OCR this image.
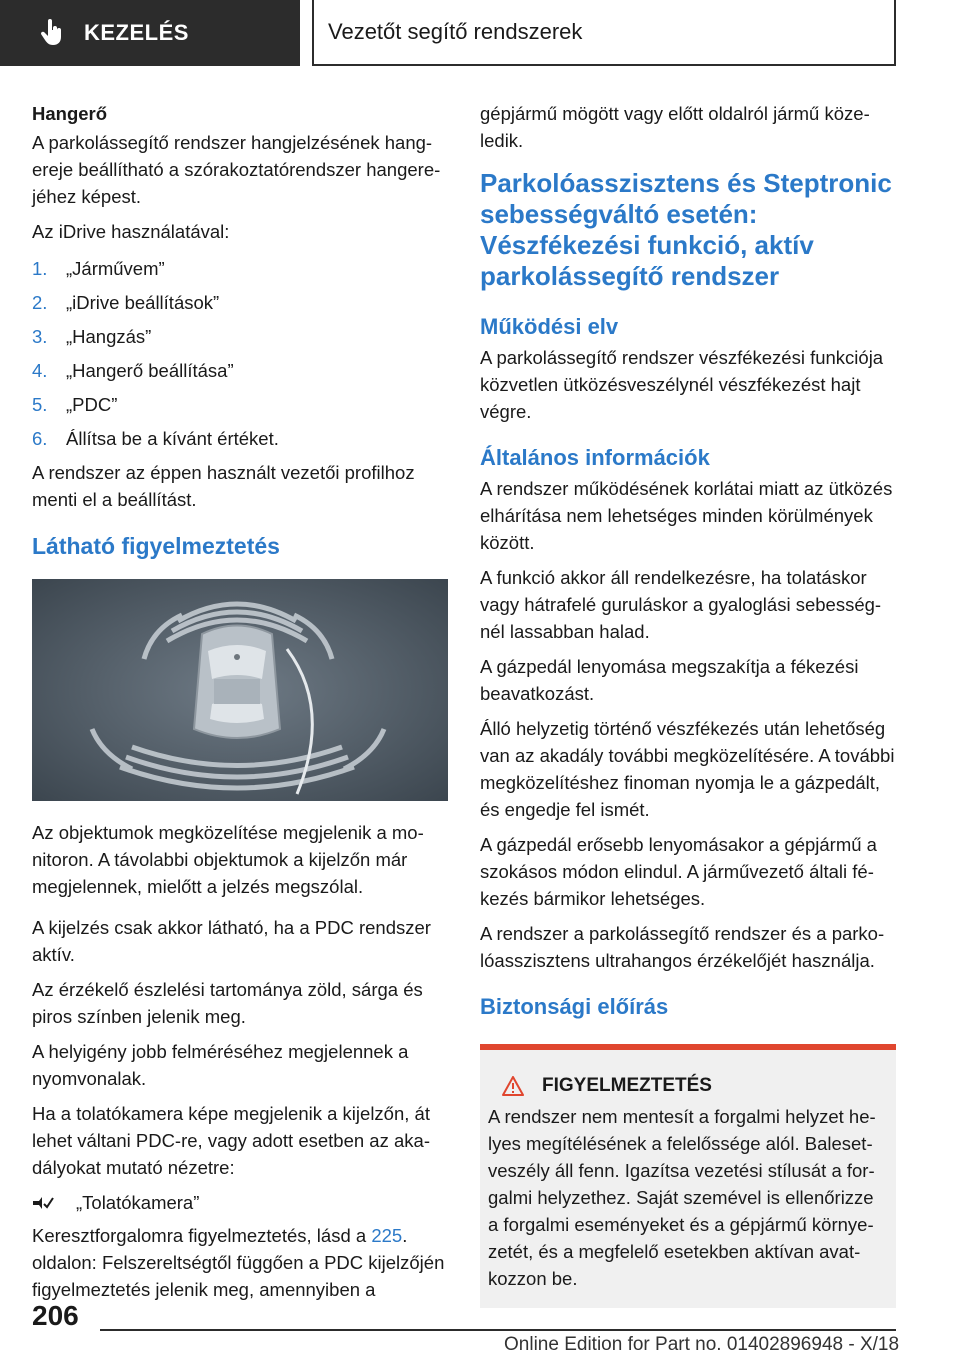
KEZELÉS	Vezetőt segítő rendszerek

Hangerő

A parkolássegítő rendszer hangjelzésének hangereje beállítható a szórakoztatórendszer hangerejéhez képest.

Az iDrive használatával:

1.	„Járművem”
2.	„iDrive beállítások”
3.	„Hangzás”
4.	„Hangerő beállítása”
5.	„PDC”
6.	Állítsa be a kívánt értéket.

A rendszer az éppen használt vezetői profilhoz menti el a beállítást.

Látható figyelmeztetés

Az objektumok megközelítése megjelenik a monitoron. A távolabbi objektumok a kijelzőn már megjelennek, mielőtt a jelzés megszólal.

A kijelzés csak akkor látható, ha a PDC rendszer aktív.

Az érzékelő észlelési tartománya zöld, sárga és piros színben jelenik meg.

A helyigény jobb felméréséhez megjelennek a nyomvonalak.

Ha a tolatókamera képe megjelenik a kijelzőn, át lehet váltani PDC-re, vagy adott esetben az akadályokat mutató nézetre:

„Tolatókamera”

Keresztforgalomra figyelmeztetés, lásd a 225. oldalon: Felszereltségtől függően a PDC kijelzőjén figyelmeztetés jelenik meg, amennyiben a

gépjármű mögött vagy előtt oldalról jármű közeledik.

Parkolóasszisztens és Steptronic sebességváltó esetén: Vészfékezési funkció, aktív parkolássegítő rendszer
Működési elv

A parkolássegítő rendszer vészfékezési funkciója közvetlen ütközésveszélynél vészfékezést hajt végre.

Általános információk

A rendszer működésének korlátai miatt az ütközés elhárítása nem lehetséges minden körülmények között.

A funkció akkor áll rendelkezésre, ha tolatáskor vagy hátrafelé guruláskor a gyaloglási sebességnél lassabban halad.

A gázpedál lenyomása megszakítja a fékezési beavatkozást.

Álló helyzetig történő vészfékezés után lehetőség van az akadály további megközelítésére. A további megközelítéshez finoman nyomja le a gázpedált, és engedje fel ismét.

A gázpedál erősebb lenyomásakor a gépjármű a szokásos módon elindul. A járművezető általi fékezés bármikor lehetséges.

A rendszer a parkolássegítő rendszer és a parkolóasszisztens ultrahangos érzékelőjét használja.

Biztonsági előírás
FIGYELMEZTETÉS

A rendszer nem mentesít a forgalmi helyzet helyes megítélésének a felelőssége alól. Balesetveszély áll fenn. Igazítsa vezetési stílusát a forgalmi helyzethez. Saját szemével is ellenőrizze a forgalmi eseményeket és a gépjármű környezetét, és a megfelelő esetekben aktívan avatkozzon be.

206
Online Edition for Part no. 01402896948 - X/18
